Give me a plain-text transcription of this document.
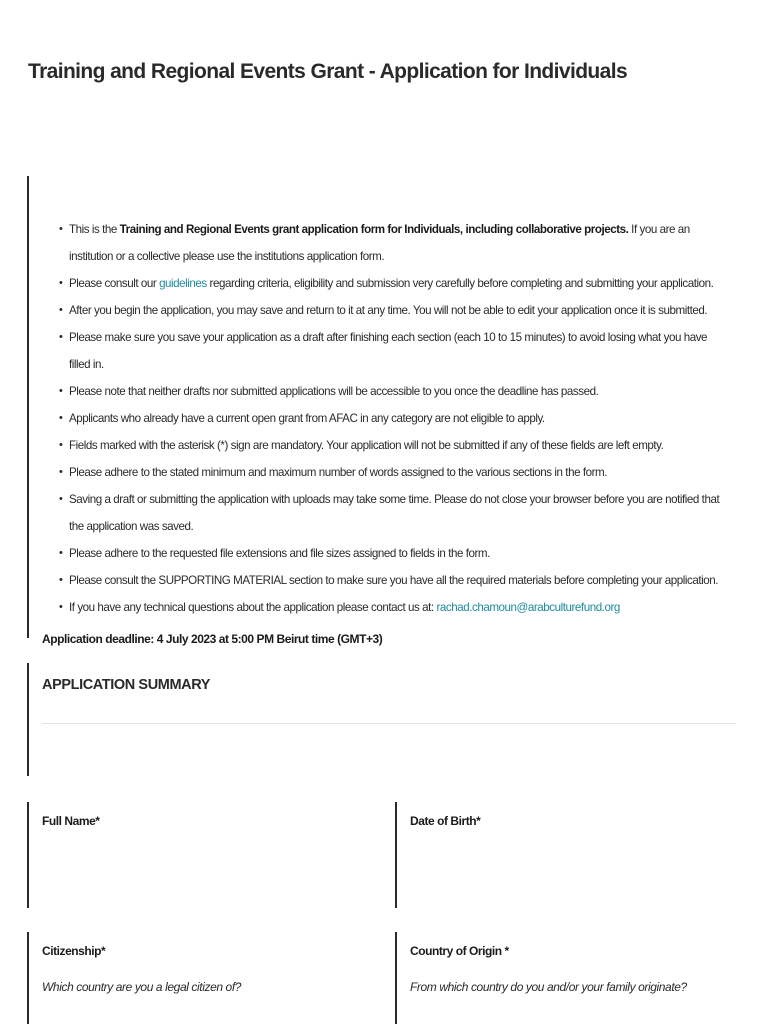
Training and Regional Events Grant - Application for Individuals
• This is the Training and Regional Events grant application form for Individuals, including collaborative projects. If you are an institution or a collective please use the institutions application form.
• Please consult our guidelines regarding criteria, eligibility and submission very carefully before completing and submitting your application.
• After you begin the application, you may save and return to it at any time. You will not be able to edit your application once it is submitted.
• Please make sure you save your application as a draft after finishing each section (each 10 to 15 minutes) to avoid losing what you have filled in.
• Please note that neither drafts nor submitted applications will be accessible to you once the deadline has passed.
• Applicants who already have a current open grant from AFAC in any category are not eligible to apply.
• Fields marked with the asterisk (*) sign are mandatory. Your application will not be submitted if any of these fields are left empty.
• Please adhere to the stated minimum and maximum number of words assigned to the various sections in the form.
• Saving a draft or submitting the application with uploads may take some time. Please do not close your browser before you are notified that the application was saved.
• Please adhere to the requested file extensions and file sizes assigned to fields in the form.
• Please consult the SUPPORTING MATERIAL section to make sure you have all the required materials before completing your application.
• If you have any technical questions about the application please contact us at: rachad.chamoun@arabculturefund.org

Application deadline: 4 July 2023 at 5:00 PM Beirut time (GMT+3)

APPLICATION SUMMARY
Full Name*	Date of Birth*
Citizenship*
Which country are you a legal citizen of?
Country of Origin *
From which country do you and/or your family originate?
